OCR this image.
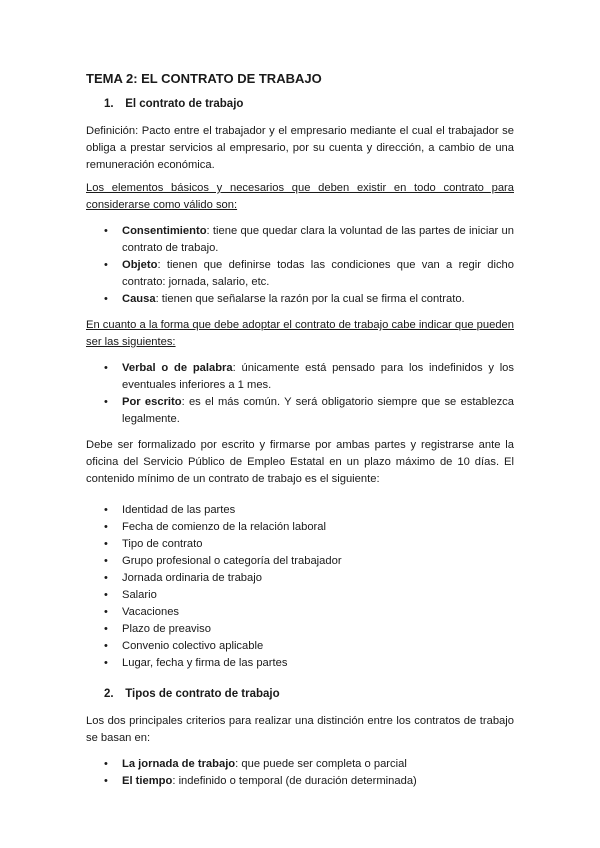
TEMA 2: EL CONTRATO DE TRABAJO
1. El contrato de trabajo

Definición: Pacto entre el trabajador y el empresario mediante el cual el trabajador se obliga a prestar servicios al empresario, por su cuenta y dirección, a cambio de una remuneración económica.

Los elementos básicos y necesarios que deben existir en todo contrato para considerarse como válido son:

• Consentimiento: tiene que quedar clara la voluntad de las partes de iniciar un contrato de trabajo.
• Objeto: tienen que definirse todas las condiciones que van a regir dicho contrato: jornada, salario, etc.
• Causa: tienen que señalarse la razón por la cual se firma el contrato.

En cuanto a la forma que debe adoptar el contrato de trabajo cabe indicar que pueden ser las siguientes:

• Verbal o de palabra: únicamente está pensado para los indefinidos y los eventuales inferiores a 1 mes.
• Por escrito: es el más común. Y será obligatorio siempre que se establezca legalmente.

Debe ser formalizado por escrito y firmarse por ambas partes y registrarse ante la oficina del Servicio Público de Empleo Estatal en un plazo máximo de 10 días. El contenido mínimo de un contrato de trabajo es el siguiente:

• Identidad de las partes
• Fecha de comienzo de la relación laboral
• Tipo de contrato
• Grupo profesional o categoría del trabajador
• Jornada ordinaria de trabajo
• Salario
• Vacaciones
• Plazo de preaviso
• Convenio colectivo aplicable
• Lugar, fecha y firma de las partes
2. Tipos de contrato de trabajo

Los dos principales criterios para realizar una distinción entre los contratos de trabajo se basan en:

• La jornada de trabajo: que puede ser completa o parcial
• El tiempo: indefinido o temporal (de duración determinada)
